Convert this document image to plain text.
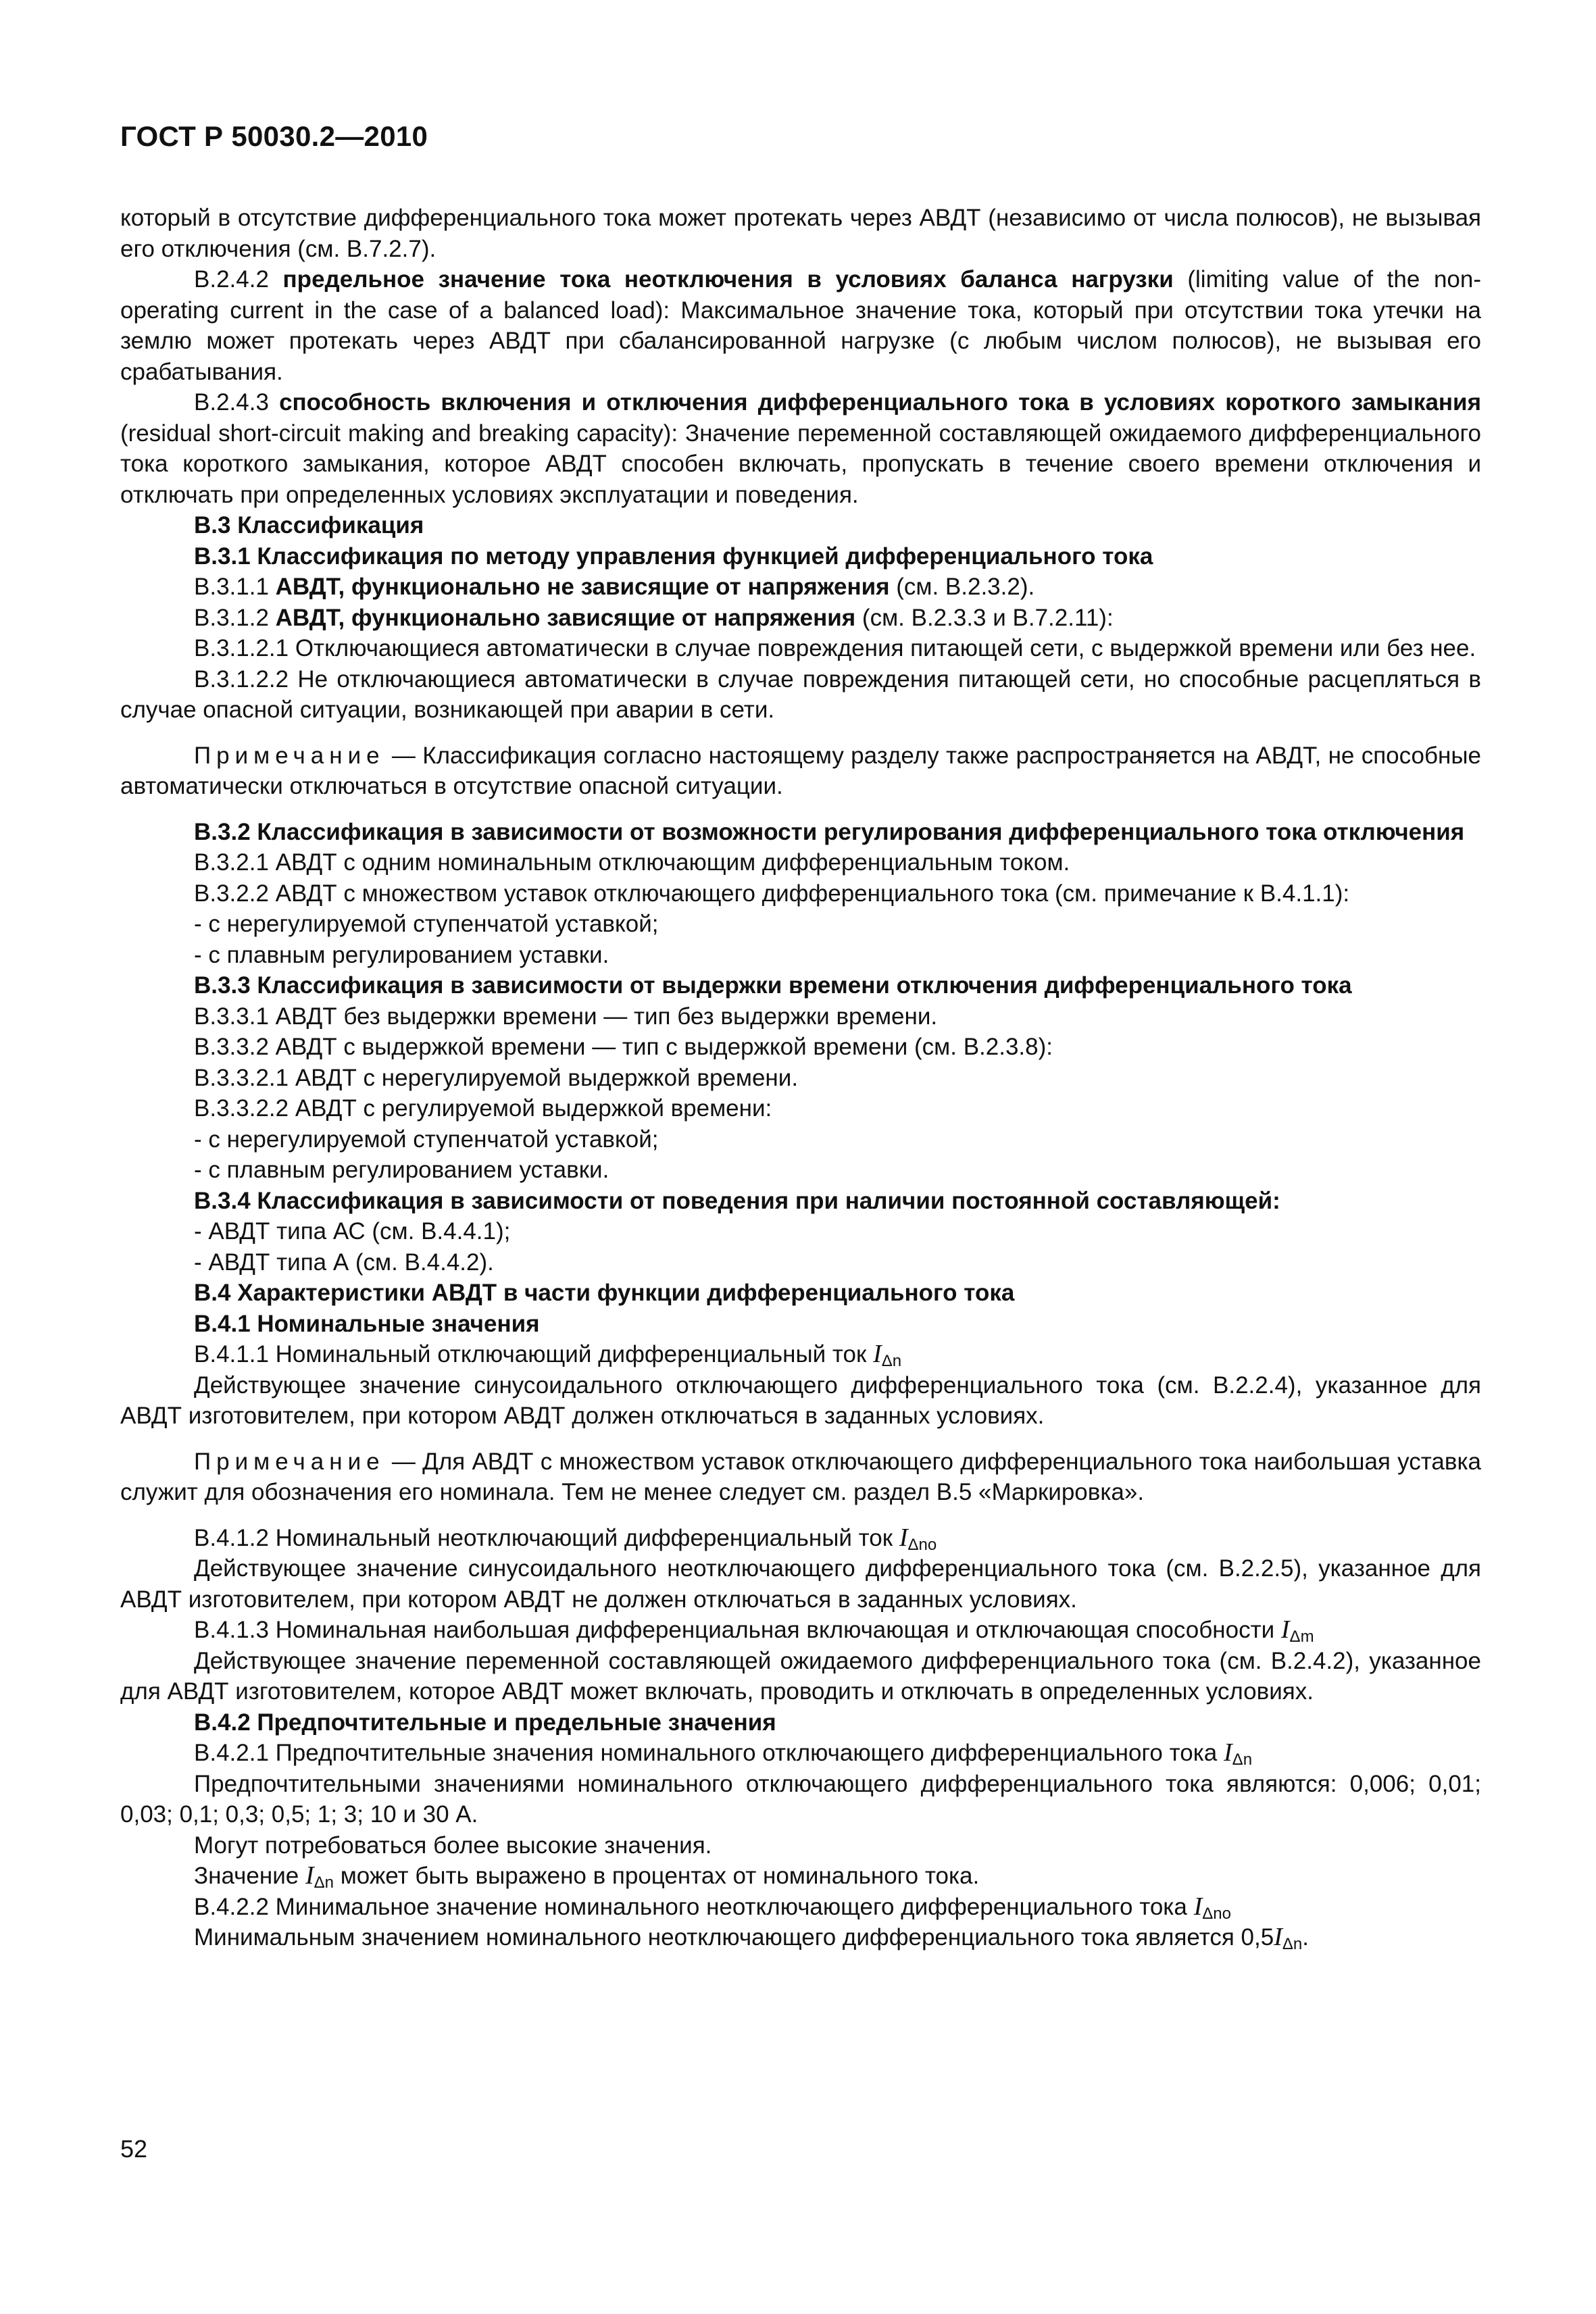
ГОСТ Р 50030.2—2010

который в отсутствие дифференциального тока может протекать через АВДТ (независимо от числа полюсов), не вызывая его отключения (см. В.7.2.7).

В.2.4.2 предельное значение тока неотключения в условиях баланса нагрузки (limiting value of the non-operating current in the case of a balanced load): Максимальное значение тока, который при отсутствии тока утечки на землю может протекать через АВДТ при сбалансированной нагрузке (с любым числом полюсов), не вызывая его срабатывания.

В.2.4.3 способность включения и отключения дифференциального тока в условиях короткого замыкания (residual short-circuit making and breaking capacity): Значение переменной составляющей ожидаемого дифференциального тока короткого замыкания, которое АВДТ способен включать, пропускать в течение своего времени отключения и отключать при определенных условиях эксплуатации и поведения.

В.3 Классификация

В.3.1 Классификация по методу управления функцией дифференциального тока

В.3.1.1 АВДТ, функционально не зависящие от напряжения (см. В.2.3.2).

В.3.1.2 АВДТ, функционально зависящие от напряжения (см. В.2.3.3 и В.7.2.11):

В.3.1.2.1 Отключающиеся автоматически в случае повреждения питающей сети, с выдержкой времени или без нее.

В.3.1.2.2 Не отключающиеся автоматически в случае повреждения питающей сети, но способные расцепляться в случае опасной ситуации, возникающей при аварии в сети.

Примечание — Классификация согласно настоящему разделу также распространяется на АВДТ, не способные автоматически отключаться в отсутствие опасной ситуации.

В.3.2 Классификация в зависимости от возможности регулирования дифференциального тока отключения

В.3.2.1 АВДТ с одним номинальным отключающим дифференциальным током.

В.3.2.2 АВДТ с множеством уставок отключающего дифференциального тока (см. примечание к В.4.1.1):

- с нерегулируемой ступенчатой уставкой;

- с плавным регулированием уставки.

В.3.3 Классификация в зависимости от выдержки времени отключения дифференциального тока

В.3.3.1 АВДТ без выдержки времени — тип без выдержки времени.

В.3.3.2 АВДТ с выдержкой времени — тип с выдержкой времени (см. В.2.3.8):

В.3.3.2.1 АВДТ с нерегулируемой выдержкой времени.

В.3.3.2.2 АВДТ с регулируемой выдержкой времени:

- с нерегулируемой ступенчатой уставкой;

- с плавным регулированием уставки.

В.3.4 Классификация в зависимости от поведения при наличии постоянной составляющей:

- АВДТ типа АС (см. В.4.4.1);

- АВДТ типа А (см. В.4.4.2).

В.4 Характеристики АВДТ в части функции дифференциального тока

В.4.1 Номинальные значения

В.4.1.1 Номинальный отключающий дифференциальный ток $I_{\Delta n}$

Действующее значение синусоидального отключающего дифференциального тока (см. В.2.2.4), указанное для АВДТ изготовителем, при котором АВДТ должен отключаться в заданных условиях.

Примечание — Для АВДТ с множеством уставок отключающего дифференциального тока наибольшая уставка служит для обозначения его номинала. Тем не менее следует см. раздел В.5 «Маркировка».

В.4.1.2 Номинальный неотключающий дифференциальный ток $I_{\Delta no}$

Действующее значение синусоидального неотключающего дифференциального тока (см. В.2.2.5), указанное для АВДТ изготовителем, при котором АВДТ не должен отключаться в заданных условиях.

В.4.1.3 Номинальная наибольшая дифференциальная включающая и отключающая способности $I_{\Delta m}$

Действующее значение переменной составляющей ожидаемого дифференциального тока (см. В.2.4.2), указанное для АВДТ изготовителем, которое АВДТ может включать, проводить и отключать в определенных условиях.

В.4.2 Предпочтительные и предельные значения

В.4.2.1 Предпочтительные значения номинального отключающего дифференциального тока $I_{\Delta n}$

Предпочтительными значениями номинального отключающего дифференциального тока являются: 0,006; 0,01; 0,03; 0,1; 0,3; 0,5; 1; 3; 10 и 30 А.

Могут потребоваться более высокие значения.

Значение $I_{\Delta n}$ может быть выражено в процентах от номинального тока.

В.4.2.2 Минимальное значение номинального неотключающего дифференциального тока $I_{\Delta no}$

Минимальным значением номинального неотключающего дифференциального тока является $0,5I_{\Delta n}$.

52
